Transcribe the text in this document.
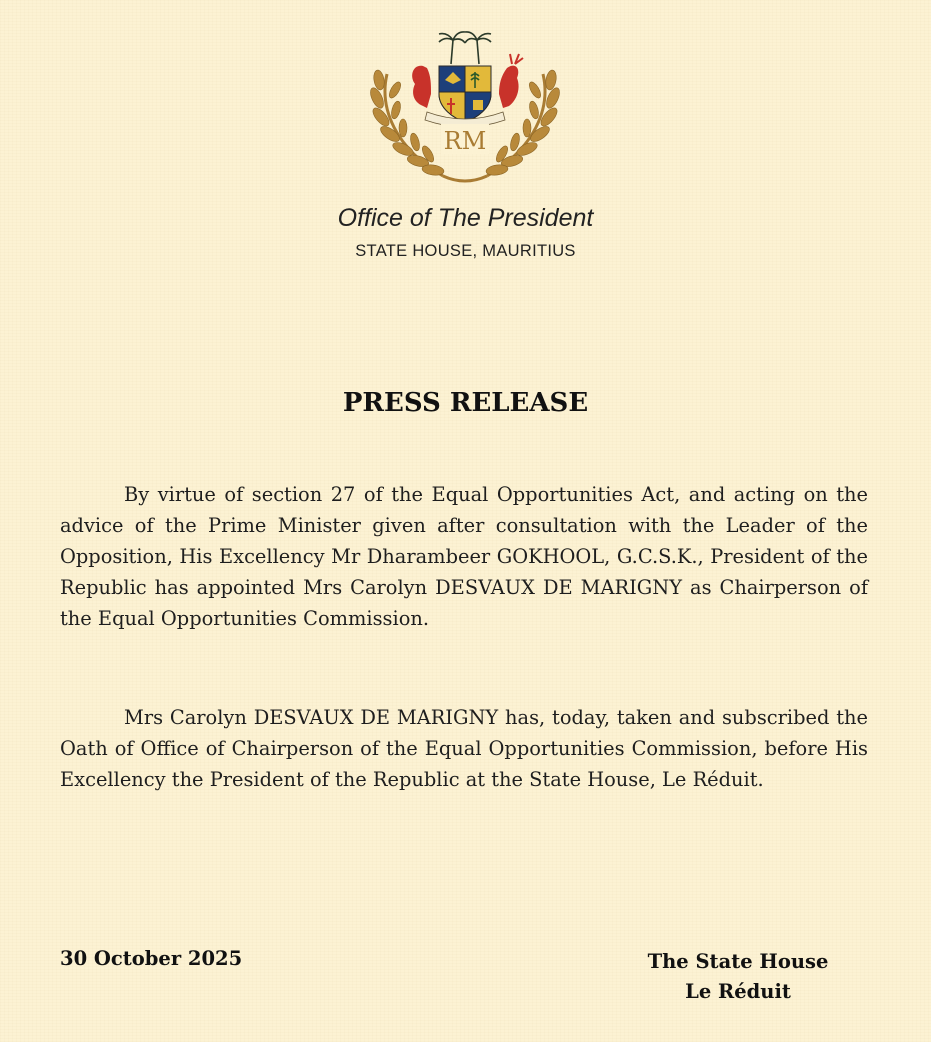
RM
Office of The President
STATE HOUSE, MAURITIUS
PRESS RELEASE

By virtue of section 27 of the Equal Opportunities Act, and acting on the advice of the Prime Minister given after consultation with the Leader of the Opposition, His Excellency Mr Dharambeer GOKHOOL, G.C.S.K., President of the Republic has appointed Mrs Carolyn DESVAUX DE MARIGNY as Chairperson of the Equal Opportunities Commission.

Mrs Carolyn DESVAUX DE MARIGNY has, today, taken and subscribed the Oath of Office of Chairperson of the Equal Opportunities Commission, before His Excellency the President of the Republic at the State House, Le Réduit.

30 October 2025	The State House
Le Réduit
